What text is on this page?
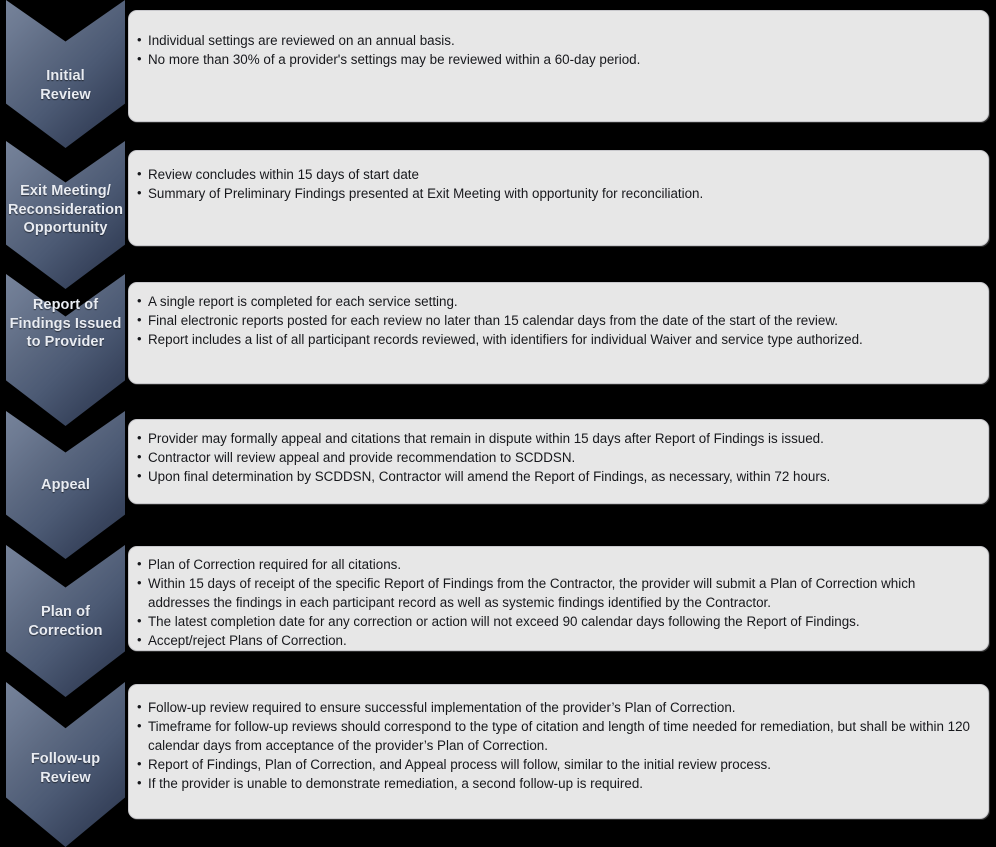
Initial
Review
• Individual settings are reviewed on an annual basis.
• No more than 30% of a provider's settings may be reviewed within a 60-day period.
Exit Meeting/
Reconsideration
Opportunity
• Review concludes within 15 days of start date
• Summary of Preliminary Findings presented at Exit Meeting with opportunity for reconciliation.
Report of
Findings Issued
to Provider
• A single report is completed for each service setting.
• Final electronic reports posted for each review no later than 15 calendar days from the date of the start of the review.
• Report includes a list of all participant records reviewed, with identifiers for individual Waiver and service type authorized.
Appeal
• Provider may formally appeal and citations that remain in dispute within 15 days after Report of Findings is issued.
• Contractor will review appeal and provide recommendation to SCDDSN.
• Upon final determination by SCDDSN, Contractor will amend the Report of Findings, as necessary, within 72 hours.
Plan of
Correction
• Plan of Correction required for all citations.
• Within 15 days of receipt of the specific Report of Findings from the Contractor, the provider will submit a Plan of Correction which addresses the findings in each participant record as well as systemic findings identified by the Contractor.
• The latest completion date for any correction or action will not exceed 90 calendar days following the Report of Findings.
• Accept/reject Plans of Correction.
Follow-up
Review
• Follow-up review required to ensure successful implementation of the provider’s Plan of Correction.
• Timeframe for follow-up reviews should correspond to the type of citation and length of time needed for remediation, but shall be within 120 calendar days from acceptance of the provider’s Plan of Correction.
• Report of Findings, Plan of Correction, and Appeal process will follow, similar to the initial review process.
• If the provider is unable to demonstrate remediation, a second follow-up is required.
